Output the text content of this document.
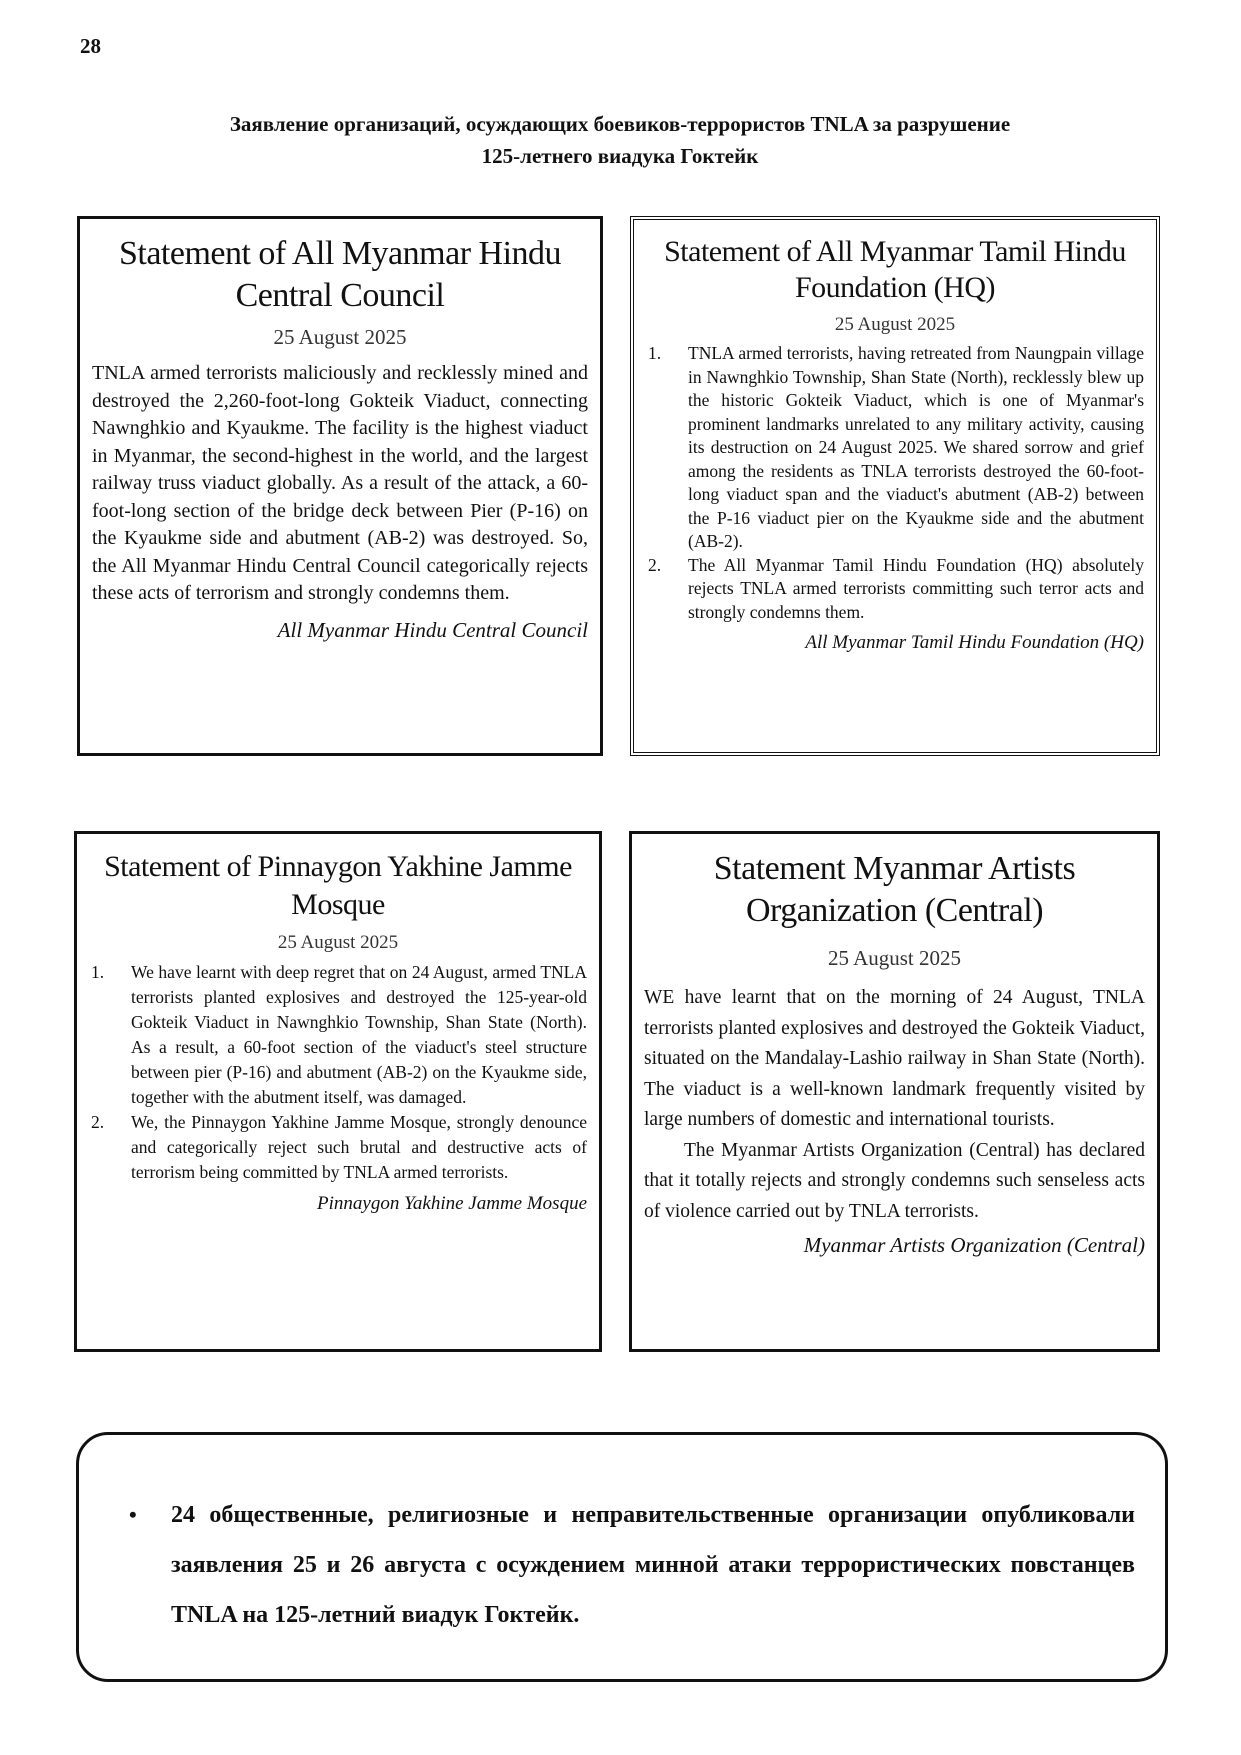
28
Заявление организаций, осуждающих боевиков-террористов TNLA за разрушение
125-летнего виадука Гоктейк
Statement of All Myanmar Hindu Central Council
25 August 2025

TNLA armed terrorists maliciously and recklessly mined and destroyed the 2,260-foot-long Gokteik Viaduct, connecting Nawnghkio and Kyaukme. The facility is the highest viaduct in Myanmar, the second-highest in the world, and the largest railway truss viaduct globally. As a result of the attack, a 60-foot-long section of the bridge deck between Pier (P-16) on the Kyaukme side and abutment (AB-2) was destroyed. So, the All Myanmar Hindu Central Council categorically rejects these acts of terrorism and strongly condemns them.

All Myanmar Hindu Central Council
Statement of All Myanmar Tamil Hindu Foundation (HQ)
25 August 2025
1.	TNLA armed terrorists, having retreated from Naungpain village in Nawnghkio Township, Shan State (North), recklessly blew up the historic Gokteik Viaduct, which is one of Myanmar's prominent landmarks unrelated to any military activity, causing its destruction on 24 August 2025. We shared sorrow and grief among the residents as TNLA terrorists destroyed the 60-foot-long viaduct span and the viaduct's abutment (AB-2) between the P-16 viaduct pier on the Kyaukme side and the abutment (AB-2).
2.	The All Myanmar Tamil Hindu Foundation (HQ) absolutely rejects TNLA armed terrorists committing such terror acts and strongly condemns them.
All Myanmar Tamil Hindu Foundation (HQ)
Statement of Pinnaygon Yakhine Jamme Mosque
25 August 2025
1.	We have learnt with deep regret that on 24 August, armed TNLA terrorists planted explosives and destroyed the 125-year-old Gokteik Viaduct in Nawnghkio Township, Shan State (North). As a result, a 60-foot section of the viaduct's steel structure between pier (P-16) and abutment (AB-2) on the Kyaukme side, together with the abutment itself, was damaged.
2.	We, the Pinnaygon Yakhine Jamme Mosque, strongly denounce and categorically reject such brutal and destructive acts of terrorism being committed by TNLA armed terrorists.
Pinnaygon Yakhine Jamme Mosque
Statement Myanmar Artists Organization (Central)
25 August 2025

WE have learnt that on the morning of 24 August, TNLA terrorists planted explosives and destroyed the Gokteik Viaduct, situated on the Mandalay-Lashio railway in Shan State (North). The viaduct is a well-known landmark frequently visited by large numbers of domestic and international tourists.

The Myanmar Artists Organization (Central) has declared that it totally rejects and strongly condemns such senseless acts of violence carried out by TNLA terrorists.

Myanmar Artists Organization (Central)
•	24 общественные, религиозные и неправительственные организации опубликовали заявления 25 и 26 августа с осуждением минной атаки террористических повстанцев TNLA на 125-летний виадук Гоктейк.
